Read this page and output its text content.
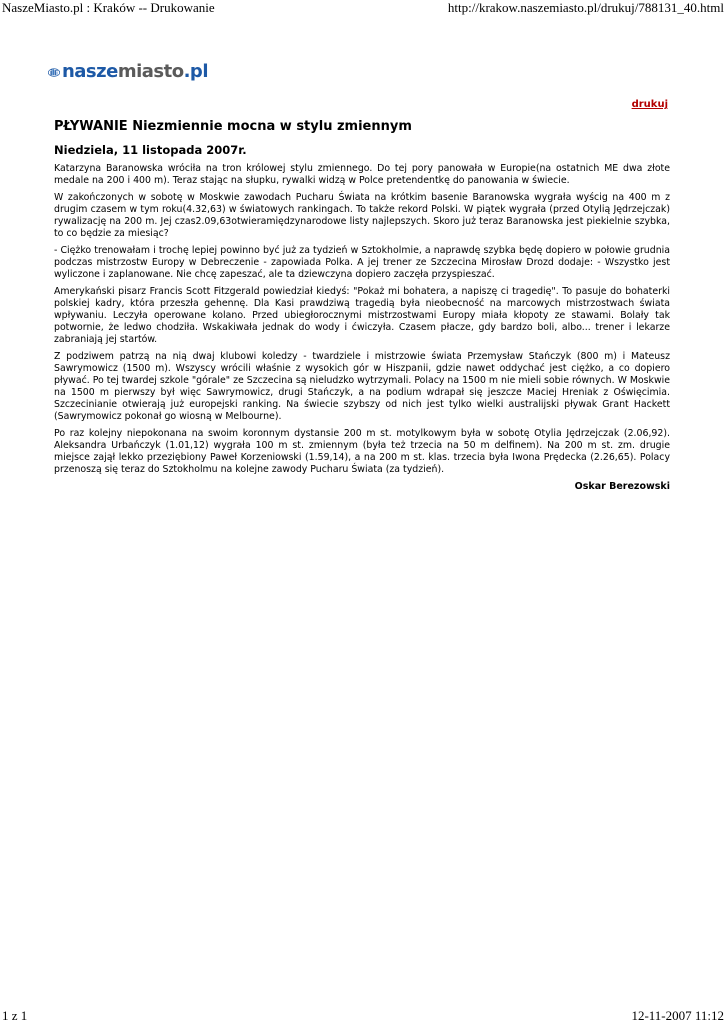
NaszeMiasto.pl : Kraków -- Drukowanie	http://krakow.naszemiasto.pl/drukuj/788131_40.html
naszemiasto.pl
drukuj
PŁYWANIE Niezmiennie mocna w stylu zmiennym
Niedziela, 11 listopada 2007r.

Katarzyna Baranowska wróciła na tron królowej stylu zmiennego. Do tej pory panowała w Europie(na ostatnich ME dwa złote medale na 200 i 400 m). Teraz stając na słupku, rywalki widzą w Polce pretendentkę do panowania w świecie.

W zakończonych w sobotę w Moskwie zawodach Pucharu Świata na krótkim basenie Baranowska wygrała wyścig na 400 m z drugim czasem w tym roku(4.32,63) w światowych rankingach. To także rekord Polski. W piątek wygrała (przed Otylią Jędrzejczak) rywalizację na 200 m. Jej czas2.09,63otwieramiędzynarodowe listy najlepszych. Skoro już teraz Baranowska jest piekielnie szybka, to co będzie za miesiąc?

- Ciężko trenowałam i trochę lepiej powinno być już za tydzień w Sztokholmie, a naprawdę szybka będę dopiero w połowie grudnia podczas mistrzostw Europy w Debreczenie - zapowiada Polka. A jej trener ze Szczecina Mirosław Drozd dodaje: - Wszystko jest wyliczone i zaplanowane. Nie chcę zapeszać, ale ta dziewczyna dopiero zaczęła przyspieszać.

Amerykański pisarz Francis Scott Fitzgerald powiedział kiedyś: "Pokaż mi bohatera, a napiszę ci tragedię". To pasuje do bohaterki polskiej kadry, która przeszła gehennę. Dla Kasi prawdziwą tragedią była nieobecność na marcowych mistrzostwach świata wpływaniu. Leczyła operowane kolano. Przed ubiegłorocznymi mistrzostwami Europy miała kłopoty ze stawami. Bolały tak potwornie, że ledwo chodziła. Wskakiwała jednak do wody i ćwiczyła. Czasem płacze, gdy bardzo boli, albo... trener i lekarze zabraniają jej startów.

Z podziwem patrzą na nią dwaj klubowi koledzy - twardziele i mistrzowie świata Przemysław Stańczyk (800 m) i Mateusz Sawrymowicz (1500 m). Wszyscy wrócili właśnie z wysokich gór w Hiszpanii, gdzie nawet oddychać jest ciężko, a co dopiero pływać. Po tej twardej szkole "górale" ze Szczecina są nieludzko wytrzymali. Polacy na 1500 m nie mieli sobie równych. W Moskwie na 1500 m pierwszy był więc Sawrymowicz, drugi Stańczyk, a na podium wdrapał się jeszcze Maciej Hreniak z Oświęcimia. Szczecinianie otwierają już europejski ranking. Na świecie szybszy od nich jest tylko wielki australijski pływak Grant Hackett (Sawrymowicz pokonał go wiosną w Melbourne).

Po raz kolejny niepokonana na swoim koronnym dystansie 200 m st. motylkowym była w sobotę Otylia Jędrzejczak (2.06,92). Aleksandra Urbańczyk (1.01,12) wygrała 100 m st. zmiennym (była też trzecia na 50 m delfinem). Na 200 m st. zm. drugie miejsce zajął lekko przeziębiony Paweł Korzeniowski (1.59,14), a na 200 m st. klas. trzecia była Iwona Prędecka (2.26,65). Polacy przenoszą się teraz do Sztokholmu na kolejne zawody Pucharu Świata (za tydzień).

Oskar Berezowski
1 z 1	12-11-2007 11:12
